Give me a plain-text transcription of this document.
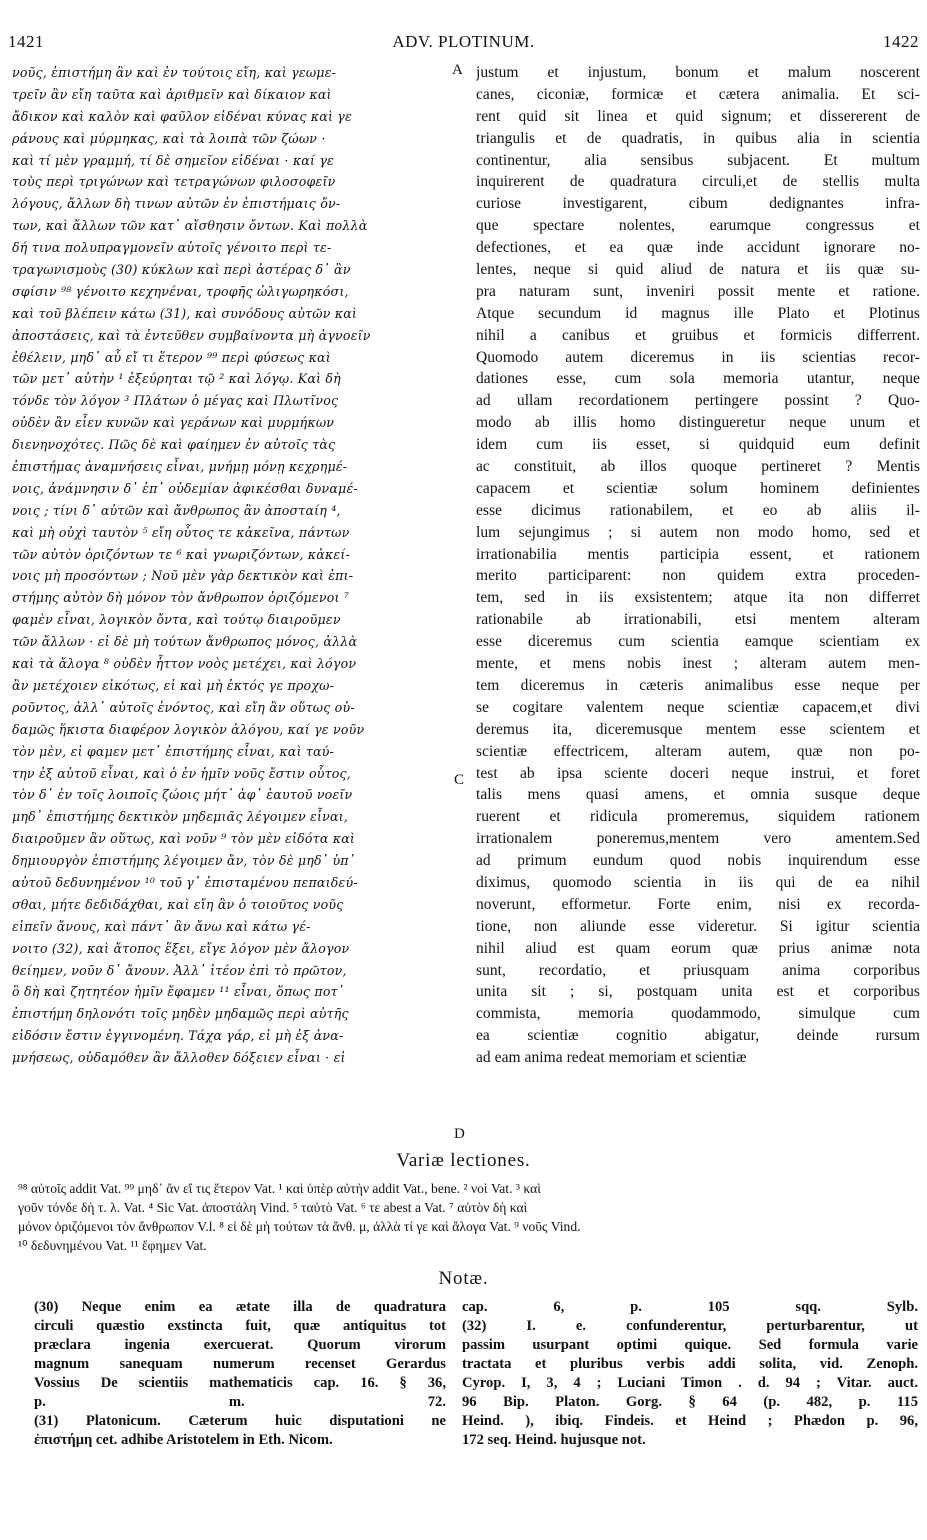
1421	ADV. PLOTINUM.	1422
νοῦς, ἐπιστήμη ἂν καὶ ἐν τούτοις εἴη, καὶ γεωμε-
τρεῖν ἂν εἴη ταῦτα καὶ ἀριθμεῖν καὶ δίκαιον καὶ
ἄδικον καὶ καλὸν καὶ φαῦλον εἰδέναι κύνας καὶ γε
ράνους καὶ μύρμηκας, καὶ τὰ λοιπὰ τῶν ζώων ·
καὶ τί μὲν γραμμή, τί δὲ σημεῖον εἰδέναι · καί γε
τοὺς περὶ τριγώνων καὶ τετραγώνων φιλοσοφεῖν
λόγους, ἄλλων δὴ τινων αὐτῶν ἐν ἐπιστήμαις ὄν-
των, καὶ ἄλλων τῶν κατ᾽ αἴσθησιν ὄντων. Καὶ πολλὰ
δή τινα πολυπραγμονεῖν αὐτοῖς γένοιτο περὶ τε-
τραγωνισμοὺς (30) κύκλων καὶ περὶ ἀστέρας δ᾽ ἂν
σφίσιν ⁹⁸ γένοιτο κεχηνέναι, τροφῆς ὠλιγωρηκόσι,
καὶ τοῦ βλέπειν κάτω (31), καὶ συνόδους αὐτῶν καὶ
ἀποστάσεις, καὶ τὰ ἐντεῦθεν συμβαίνοντα μὴ ἀγνοεῖν
ἐθέλειν, μηδ᾽ αὖ εἴ τι ἕτερον ⁹⁹ περὶ φύσεως καὶ
τῶν μετ᾽ αὐτὴν ¹ ἐξεύρηται τῷ ² καὶ λόγῳ. Καὶ δὴ
τόνδε τὸν λόγον ³ Πλάτων ὁ μέγας καὶ Πλωτῖνος
οὐδὲν ἂν εἶεν κυνῶν καὶ γεράνων καὶ μυρμήκων
διενηνοχότες. Πῶς δὲ καὶ φαίημεν ἐν αὐτοῖς τὰς
ἐπιστήμας ἀναμνήσεις εἶναι, μνήμῃ μόνῃ κεχρημέ-
νοις, ἀνάμνησιν δ᾽ ἐπ᾽ οὐδεμίαν ἀφικέσθαι δυναμέ-
νοις ; τίνι δ᾽ αὐτῶν καὶ ἄνθρωπος ἂν ἀποσταίη ⁴,
καὶ μὴ οὐχὶ ταυτὸν ⁵ εἴη οὗτος τε κἀκεῖνα, πάντων
τῶν αὐτὸν ὁριζόντων τε ⁶ καὶ γνωριζόντων, κἀκεί-
νοις μὴ προσόντων ; Νοῦ μὲν γὰρ δεκτικὸν καὶ ἐπι-
στήμης αὐτὸν δὴ μόνον τὸν ἄνθρωπον ὁριζόμενοι ⁷
φαμὲν εἶναι, λογικὸν ὄντα, καὶ τούτῳ διαιροῦμεν
τῶν ἄλλων · εἰ δὲ μὴ τούτων ἄνθρωπος μόνος, ἀλλὰ
καὶ τὰ ἄλογα ⁸ οὐδὲν ἧττον νοὸς μετέχει, καὶ λόγον
ἂν μετέχοιεν εἰκότως, εἰ καὶ μὴ ἐκτός γε προχω-
ροῦντος, ἀλλ᾽ αὐτοῖς ἐνόντος, καὶ εἴη ἂν οὕτως οὐ-
δαμῶς ἥκιστα διαφέρον λογικὸν ἀλόγου, καί γε νοῦν
τὸν μὲν, εἰ φαμεν μετ᾽ ἐπιστήμης εἶναι, καὶ ταύ-
την ἐξ αὐτοῦ εἶναι, καὶ ὁ ἐν ἡμῖν νοῦς ἔστιν οὗτος,
τὸν δ᾽ ἐν τοῖς λοιποῖς ζώοις μήτ᾽ ἀφ᾽ ἑαυτοῦ νοεῖν
μηδ᾽ ἐπιστήμης δεκτικὸν μηδεμιᾶς λέγοιμεν εἶναι,
διαιροῦμεν ἂν οὕτως, καὶ νοῦν ⁹ τὸν μὲν εἰδότα καὶ
δημιουργὸν ἐπιστήμης λέγοιμεν ἄν, τὸν δὲ μηδ᾽ ὑπ᾽
αὐτοῦ δεδυνημένον ¹⁰ τοῦ γ᾽ ἐπισταμένου πεπαιδεύ-
σθαι, μήτε δεδιδάχθαι, καὶ εἴη ἂν ὁ τοιοῦτος νοῦς
εἰπεῖν ἄνους, καὶ πάντ᾽ ἂν ἄνω καὶ κάτω γέ-
νοιτο (32), καὶ ἄτοπος ἕξει, εἴγε λόγον μὲν ἄλογον
θείημεν, νοῦν δ᾽ ἄνουν. Ἀλλ᾽ ἰτέον ἐπὶ τὸ πρῶτον,
ὃ δὴ καὶ ζητητέον ἡμῖν ἔφαμεν ¹¹ εἶναι, ὅπως ποτ᾽
ἐπιστήμη δηλονότι τοῖς μηδὲν μηδαμῶς περὶ αὐτῆς
εἰδόσιν ἔστιν ἐγγινομένη. Τάχα γάρ, εἰ μὴ ἐξ ἀνα-
μνήσεως, οὐδαμόθεν ἂν ἄλλοθεν δόξειεν εἶναι · εἰ
A
C
D
justum et injustum, bonum et malum noscerent
canes, ciconiæ, formicæ et cætera animalia. Et sci-
rent quid sit linea et quid signum; et dissererent de
triangulis et de quadratis, in quibus alia in scientia
continentur, alia sensibus subjacent. Et multum
inquirerent de quadratura circuli,et de stellis multa
curiose investigarent, cibum dedignantes infra-
que spectare nolentes, earumque congressus et
defectiones, et ea quæ inde accidunt ignorare no-
lentes, neque si quid aliud de natura et iis quæ su-
pra naturam sunt, inveniri possit mente et ratione.
Atque secundum id magnus ille Plato et Plotinus
nihil a canibus et gruibus et formicis differrent.
Quomodo autem diceremus in iis scientias recor-
dationes esse, cum sola memoria utantur, neque
ad ullam recordationem pertingere possint ? Quo-
modo ab illis homo distingueretur neque unum et
idem cum iis esset, si quidquid eum definit
ac constituit, ab illos quoque pertineret ? Mentis
capacem et scientiæ solum hominem definientes
esse dicimus rationabilem, et eo ab aliis il-
lum sejungimus ; si autem non modo homo, sed et
irrationabilia mentis participia essent, et rationem
merito participarent: non quidem extra proceden-
tem, sed in iis exsistentem; atque ita non differret
rationabile ab irrationabili, etsi mentem alteram
esse diceremus cum scientia eamque scientiam ex
mente, et mens nobis inest ; alteram autem men-
tem diceremus in cæteris animalibus esse neque per
se cogitare valentem neque scientiæ capacem,et divi
deremus ita, diceremusque mentem esse scientem et
scientiæ effectricem, alteram autem, quæ non po-
test ab ipsa sciente doceri neque instrui, et foret
talis mens quasi amens, et omnia susque deque
ruerent et ridicula promeremus, siquidem rationem
irrationalem poneremus,mentem vero amentem.Sed
ad primum eundum quod nobis inquirendum esse
diximus, quomodo scientia in iis qui de ea nihil
noverunt, efformetur. Forte enim, nisi ex recorda-
tione, non aliunde esse videretur. Si igitur scientia
nihil aliud est quam eorum quæ prius animæ nota
sunt, recordatio, et priusquam anima corporibus
unita sit ; si, postquam unita est et corporibus
commista, memoria quodammodo, simulque cum
ea scientiæ cognitio abigatur, deinde rursum
ad eam anima redeat memoriam et scientiæ
Variæ lectiones.
⁹⁸ αὐτοῖς addit Vat. ⁹⁹ μηδ᾽ ἄν εἴ τις ἕτερον Vat. ¹ καὶ ὑπὲρ αὐτὴν addit Vat., bene. ² νοὶ Vat. ³ καὶ
γοῦν τόνδε δὴ τ. λ. Vat. ⁴ Sic Vat. ἀποστάλη Vind. ⁵ ταὐτὸ Vat. ⁶ τε abest a Vat. ⁷ αὐτὸν δὴ καὶ
μόνον ὁριζόμενοι τὸν ἄνθρωπον V.l. ⁸ εἰ δὲ μὴ τούτων τὰ ἄνθ. μ, ἀλλὰ τί γε καὶ ἄλογα Vat. ⁹ νοῦς Vind.
¹⁰ δεδυνημένου Vat. ¹¹ ἔφημεν Vat.
Notæ.
(30) Neque enim ea ætate illa de quadratura
circuli quæstio exstincta fuit, quæ antiquitus tot
præclara ingenia exercuerat. Quorum virorum
magnum sanequam numerum recenset Gerardus
Vossius De scientiis mathematicis cap. 16. § 36,
p. m. 72.
(31) Platonicum. Cæterum huic disputationi ne
ἐπιστήμη cet. adhibe Aristotelem in Eth. Nicom.
cap. 6, p. 105 sqq. Sylb.
(32) I. e. confunderentur, perturbarentur, ut
passim usurpant optimi quique. Sed formula varie
tractata et pluribus verbis addi solita, vid. Zenoph.
Cyrop. I, 3, 4 ; Luciani Timon . d. 94 ; Vitar. auct.
96 Bip. Platon. Gorg. § 64 (p. 482, p. 115
Heind. ), ibiq. Findeis. et Heind ; Phædon p. 96,
172 seq. Heind. hujusque not.
